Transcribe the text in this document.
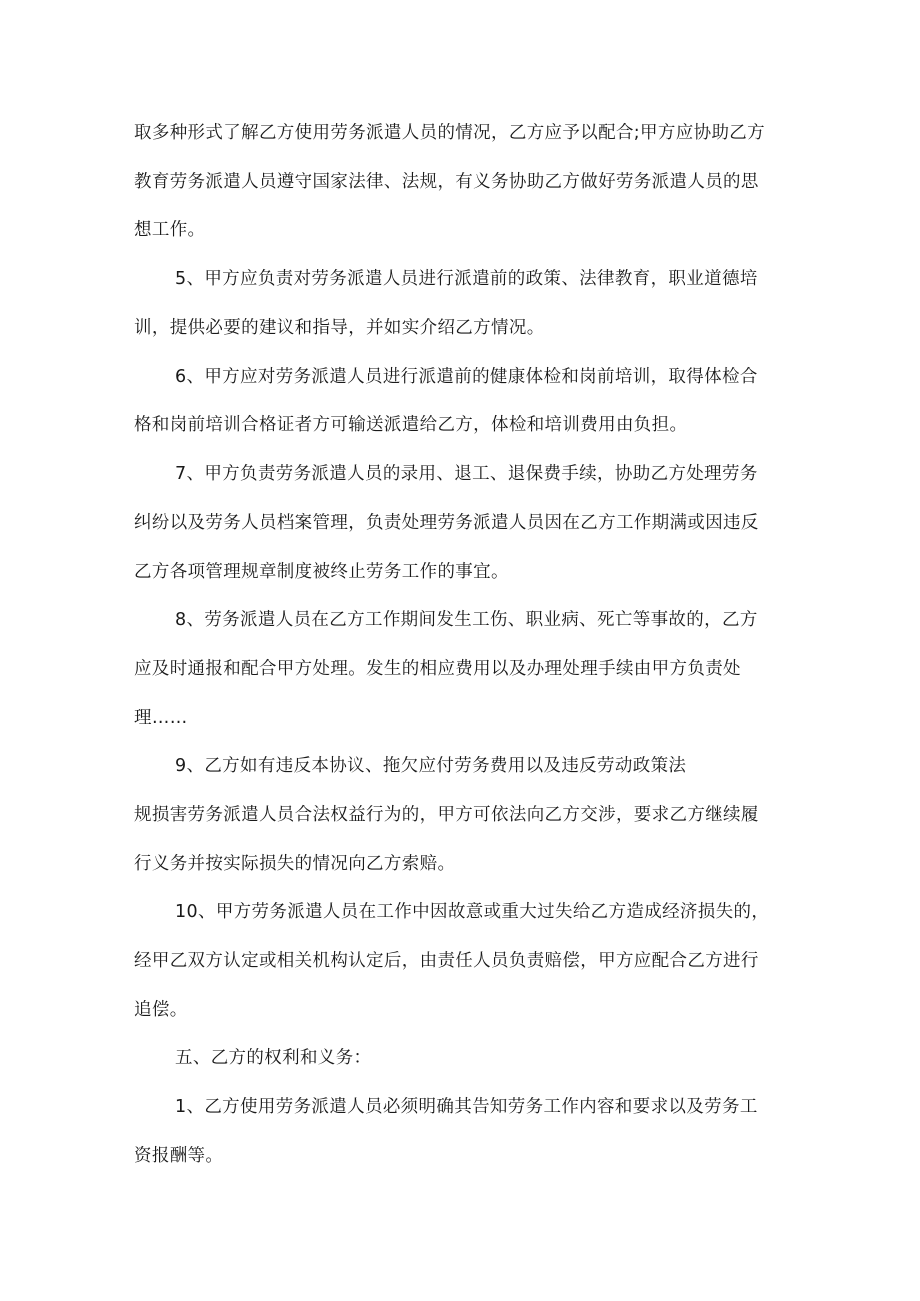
取多种形式了解乙方使用劳务派遣人员的情况，乙方应予以配合;甲方应协助乙方
教育劳务派遣人员遵守国家法律、法规，有义务协助乙方做好劳务派遣人员的思
想工作。
5、甲方应负责对劳务派遣人员进行派遣前的政策、法律教育，职业道德培
训，提供必要的建议和指导，并如实介绍乙方情况。
6、甲方应对劳务派遣人员进行派遣前的健康体检和岗前培训，取得体检合
格和岗前培训合格证者方可输送派遣给乙方，体检和培训费用由负担。
7、甲方负责劳务派遣人员的录用、退工、退保费手续，协助乙方处理劳务
纠纷以及劳务人员档案管理，负责处理劳务派遣人员因在乙方工作期满或因违反
乙方各项管理规章制度被终止劳务工作的事宜。
8、劳务派遣人员在乙方工作期间发生工伤、职业病、死亡等事故的，乙方
应及时通报和配合甲方处理。发生的相应费用以及办理处理手续由甲方负责处
理……
9、乙方如有违反本协议、拖欠应付劳务费用以及违反劳动政策法
规损害劳务派遣人员合法权益行为的，甲方可依法向乙方交涉，要求乙方继续履
行义务并按实际损失的情况向乙方索赔。
10、甲方劳务派遣人员在工作中因故意或重大过失给乙方造成经济损失的，
经甲乙双方认定或相关机构认定后，由责任人员负责赔偿，甲方应配合乙方进行
追偿。
五、乙方的权利和义务：
1、乙方使用劳务派遣人员必须明确其告知劳务工作内容和要求以及劳务工
资报酬等。
